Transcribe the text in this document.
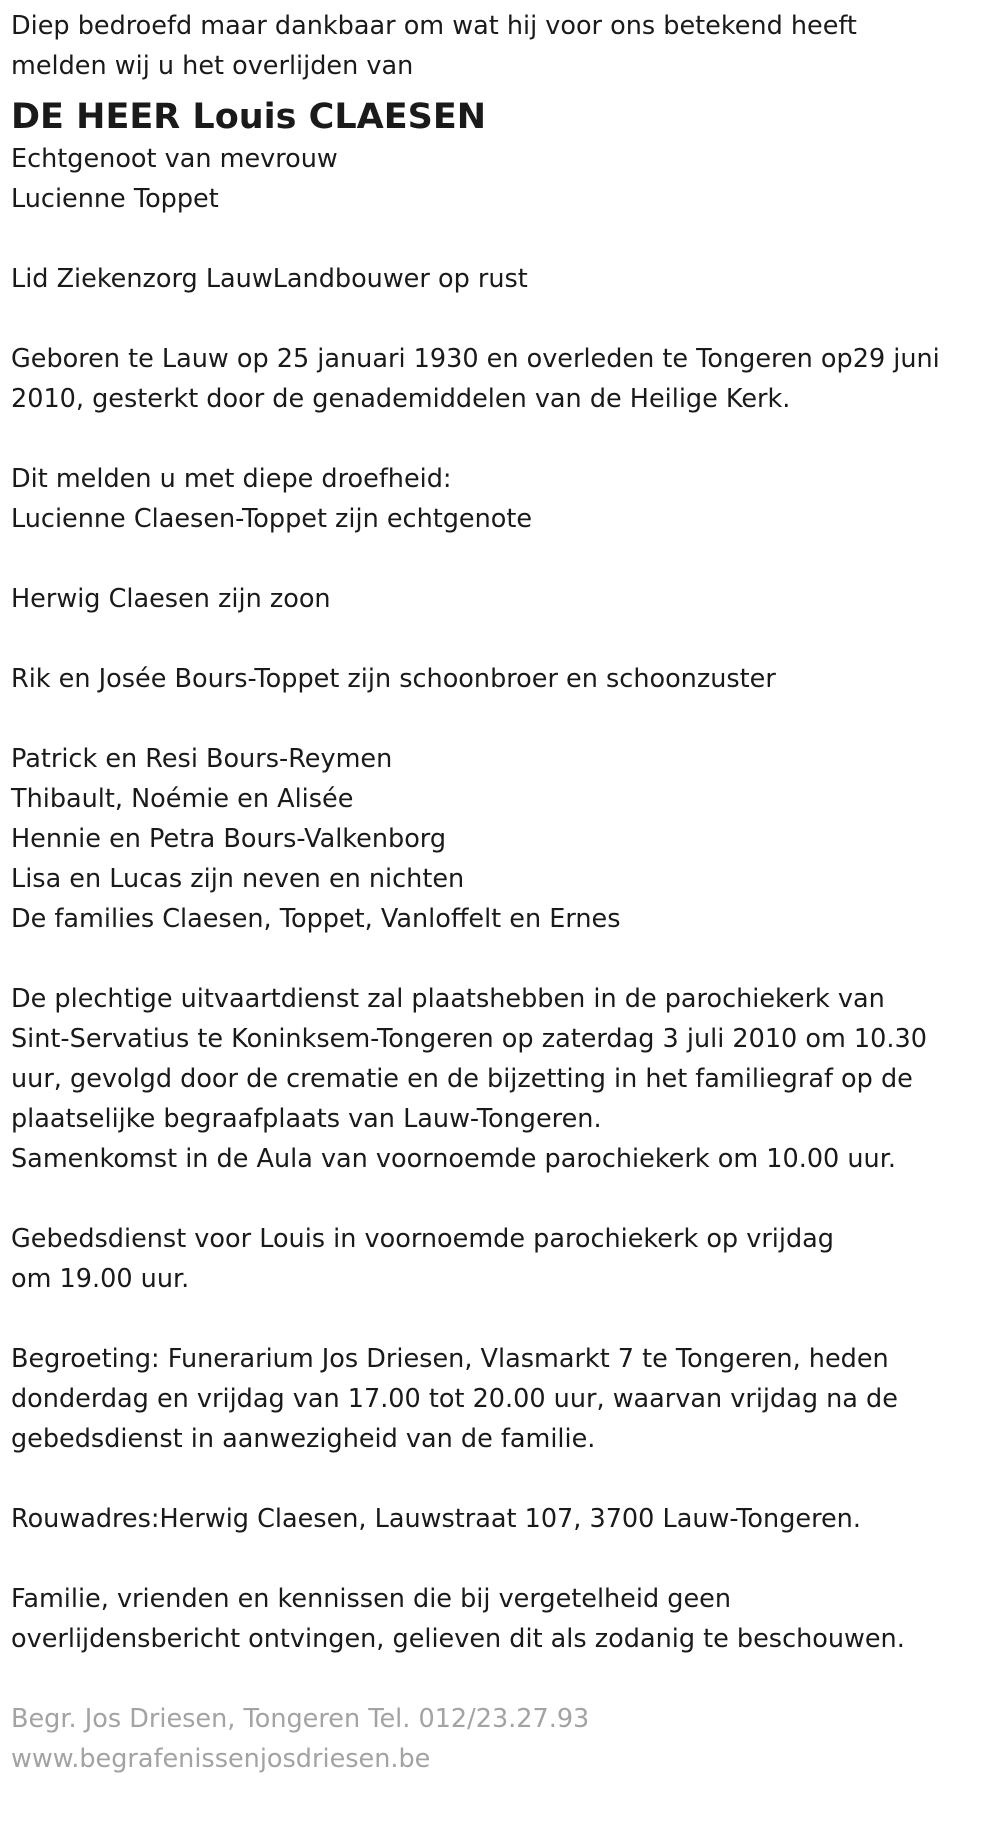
Diep bedroefd maar dankbaar om wat hij voor ons betekend heeft

melden wij u het overlijden van

DE HEER Louis CLAESEN

Echtgenoot van mevrouw

Lucienne Toppet

Lid Ziekenzorg LauwLandbouwer op rust

Geboren te Lauw op 25 januari 1930 en overleden te Tongeren op29 juni

2010, gesterkt door de genademiddelen van de Heilige Kerk.

Dit melden u met diepe droefheid:

Lucienne Claesen-Toppet zijn echtgenote

Herwig Claesen zijn zoon

Rik en Josée Bours-Toppet zijn schoonbroer en schoonzuster

Patrick en Resi Bours-Reymen

Thibault, Noémie en Alisée

Hennie en Petra Bours-Valkenborg

Lisa en Lucas zijn neven en nichten

De families Claesen, Toppet, Vanloffelt en Ernes

De plechtige uitvaartdienst zal plaatshebben in de parochiekerk van

Sint-Servatius te Koninksem-Tongeren op zaterdag 3 juli 2010 om 10.30

uur, gevolgd door de crematie en de bijzetting in het familiegraf op de

plaatselijke begraafplaats van Lauw-Tongeren.

Samenkomst in de Aula van voornoemde parochiekerk om 10.00 uur.

Gebedsdienst voor Louis in voornoemde parochiekerk op vrijdag

om 19.00 uur.

Begroeting: Funerarium Jos Driesen, Vlasmarkt 7 te Tongeren, heden

donderdag en vrijdag van 17.00 tot 20.00 uur, waarvan vrijdag na de

gebedsdienst in aanwezigheid van de familie.

Rouwadres:Herwig Claesen, Lauwstraat 107, 3700 Lauw-Tongeren.

Familie, vrienden en kennissen die bij vergetelheid geen

overlijdensbericht ontvingen, gelieven dit als zodanig te beschouwen.

Begr. Jos Driesen, Tongeren Tel. 012/23.27.93

www.begrafenissenjosdriesen.be
